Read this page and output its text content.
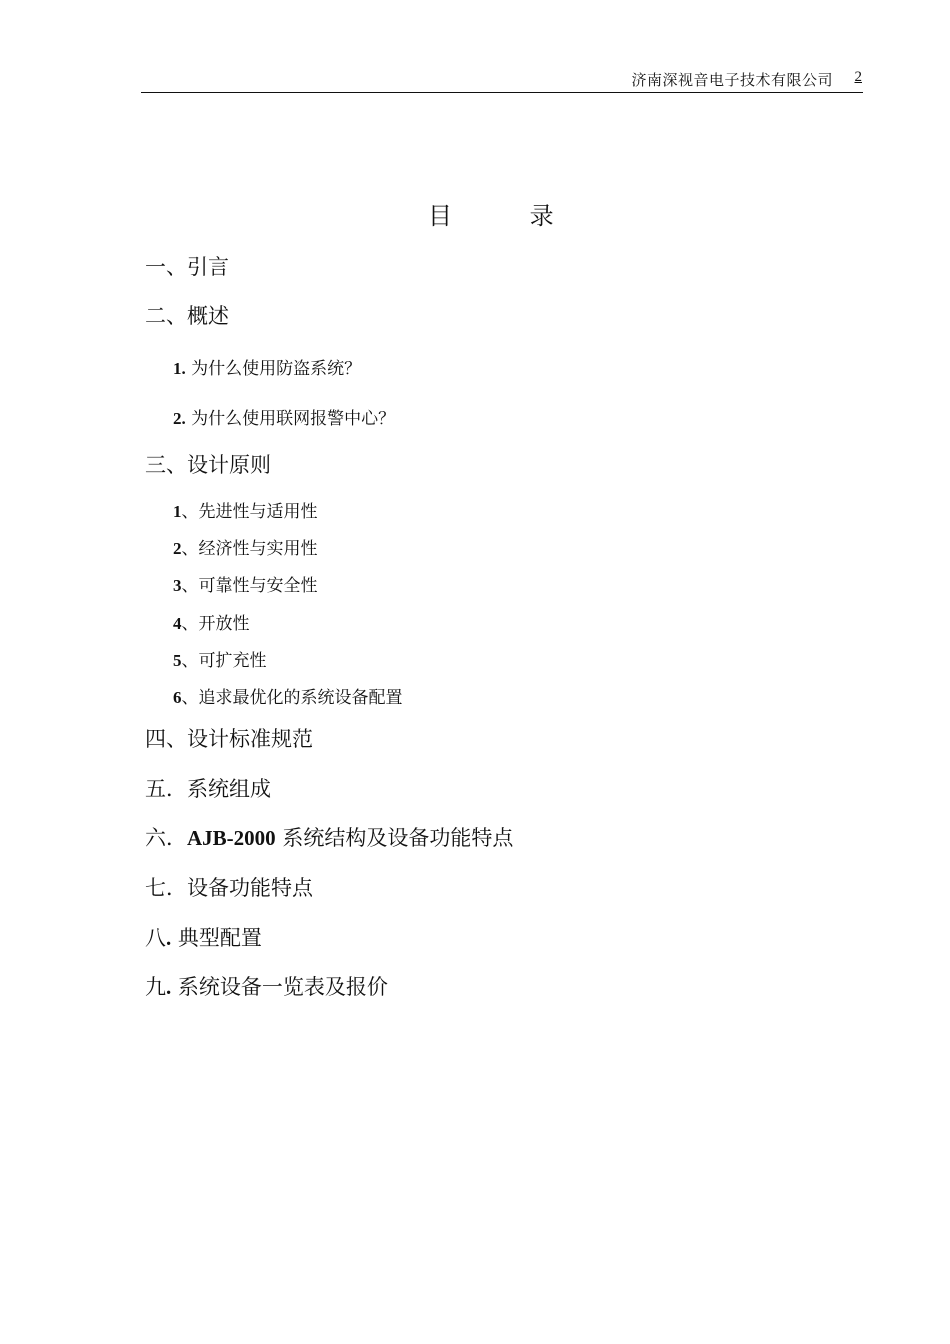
济南深视音电子技术有限公司 2
目 录
一、引言
二、概述
1. 为什么使用防盗系统？
2. 为什么使用联网报警中心？
三、设计原则
1、先进性与适用性
2、经济性与实用性
3、可靠性与安全性
4、开放性
5、可扩充性
6、追求最优化的系统设备配置
四、设计标准规范
五．系统组成
六．AJB-2000 系统结构及设备功能特点
七．设备功能特点
八. 典型配置
九. 系统设备一览表及报价
